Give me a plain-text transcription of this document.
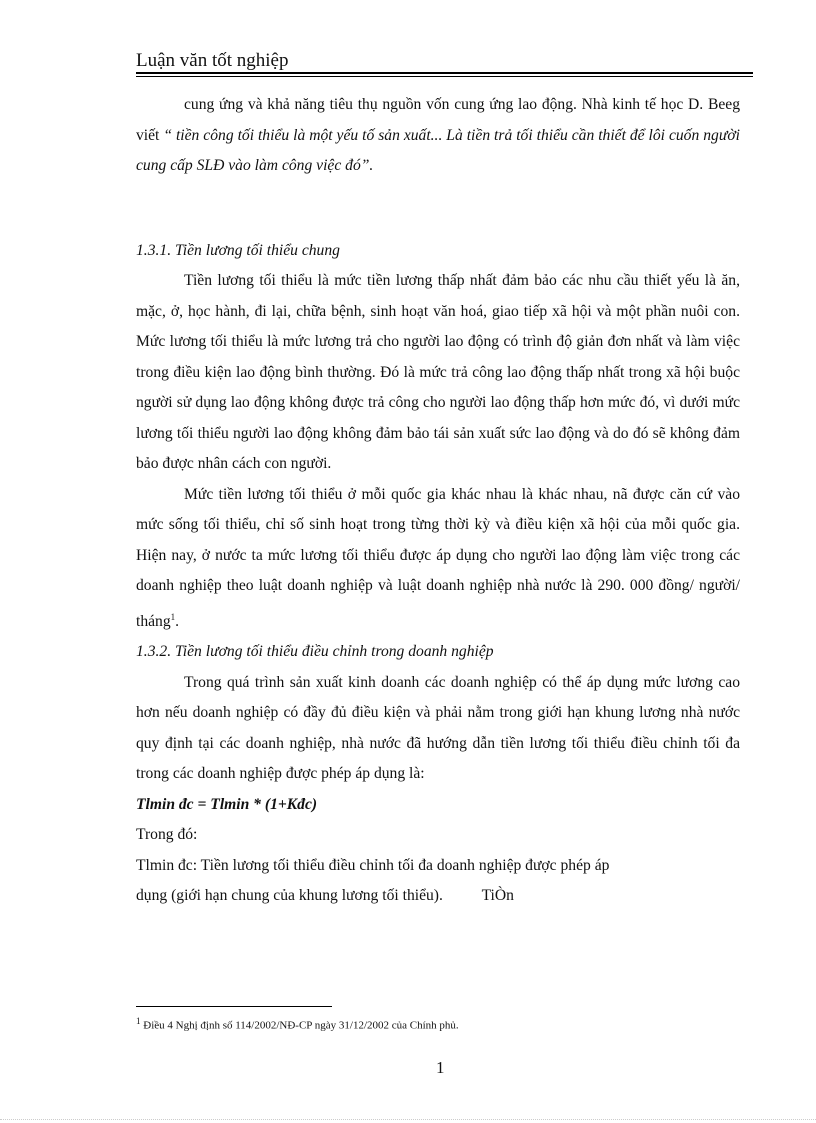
Luận văn tốt nghiệp

cung ứng và khả năng tiêu thụ nguồn vốn cung ứng lao động. Nhà kinh tế học D. Beeg viết “ tiền công tối thiểu là một yếu tố sản xuất... Là tiền trả tối thiểu cần thiết để lôi cuốn người cung cấp SLĐ vào làm công việc đó”.

1.3.1. Tiền lương tối thiểu chung

Tiền lương tối thiểu là mức tiền lương thấp nhất đảm bảo các nhu cầu thiết yếu là ăn, mặc, ở, học hành, đi lại, chữa bệnh, sinh hoạt văn hoá, giao tiếp xã hội và một phần nuôi con. Mức lương tối thiểu là mức lương trả cho người lao động có trình độ giản đơn nhất và làm việc trong điều kiện lao động bình thường. Đó là mức trả công lao động thấp nhất trong xã hội buộc người sử dụng lao động không được trả công cho người lao động thấp hơn mức đó, vì dưới mức lương tối thiểu người lao động không đảm bảo tái sản xuất sức lao động và do đó sẽ không đảm bảo được nhân cách con người.

Mức tiền lương tối thiểu ở mỗi quốc gia khác nhau là khác nhau, nã được căn cứ vào mức sống tối thiểu, chỉ số sinh hoạt trong từng thời kỳ và điều kiện xã hội của mỗi quốc gia. Hiện nay, ở nước ta mức lương tối thiểu được áp dụng cho người lao động làm việc trong các doanh nghiệp theo luật doanh nghiệp và luật doanh nghiệp nhà nước là 290. 000 đồng/ người/ tháng$^1$.

1.3.2. Tiền lương tối thiểu điều chỉnh trong doanh nghiệp

Trong quá trình sản xuất kinh doanh các doanh nghiệp có thể áp dụng mức lương cao hơn nếu doanh nghiệp có đầy đủ điều kiện và phải nằm trong giới hạn khung lương nhà nước quy định tại các doanh nghiệp, nhà nước đã hướng dẫn tiền lương tối thiểu điều chỉnh tối đa trong các doanh nghiệp được phép áp dụng là:

Tlmin đc = Tlmin * (1+Kđc)

Trong đó:

Tlmin đc: Tiền lương tối thiểu điều chỉnh tối đa doanh nghiệp được phép áp

dụng (giới hạn chung của khung lương tối thiểu).          TiÒn

$^1$ Điều 4 Nghị định số 114/2002/NĐ-CP ngày 31/12/2002 của Chính phủ.
1
